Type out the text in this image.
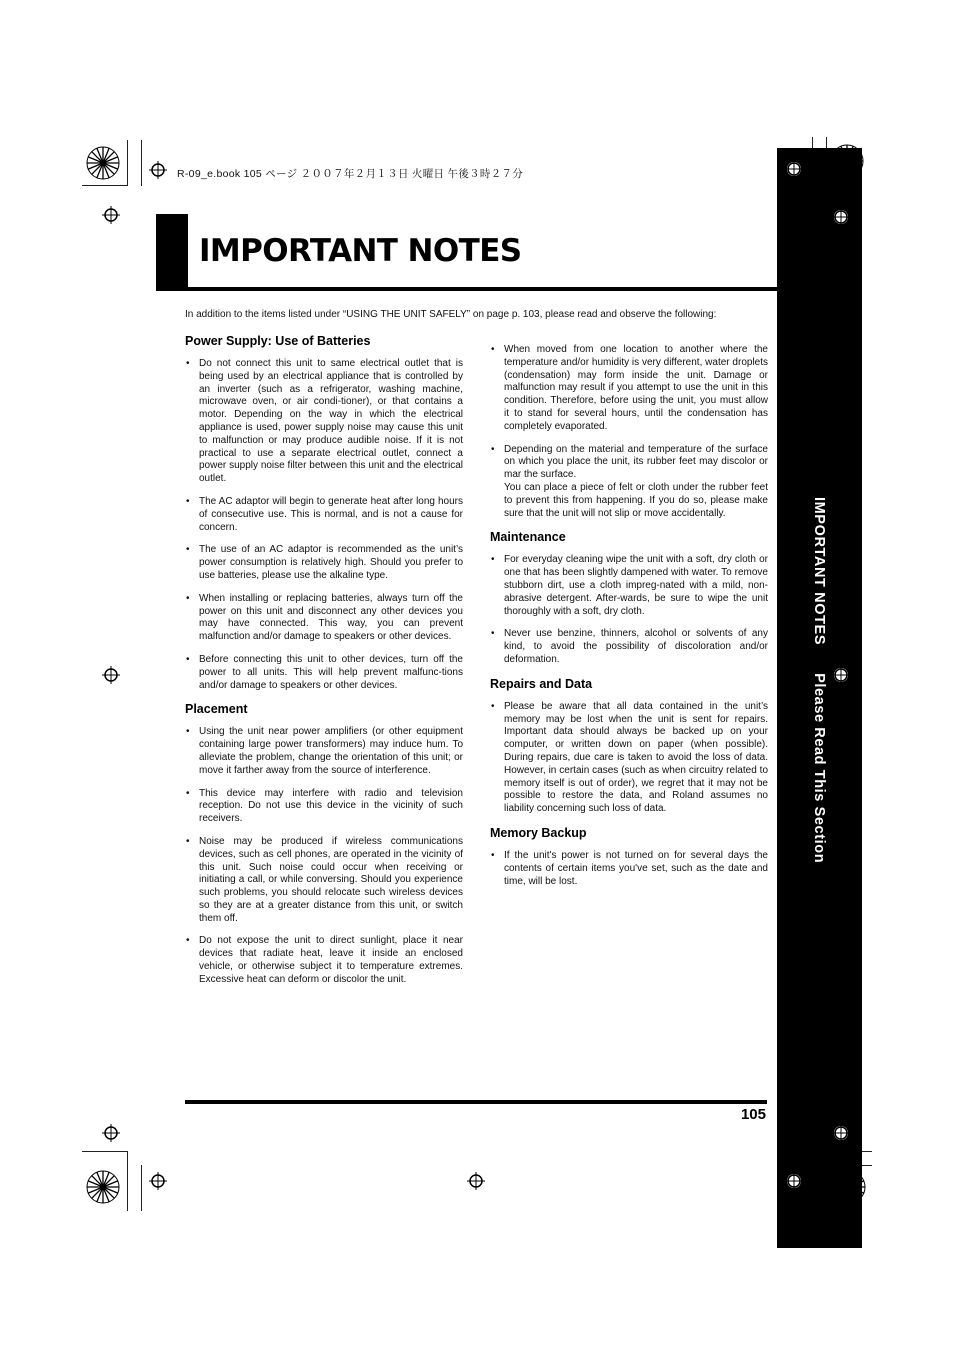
R-09_e.book 105 ページ ２００７年２月１３日 火曜日 午後３時２７分
IMPORTANT NOTES
In addition to the items listed under “USING THE UNIT SAFELY” on page p. 103, please read and observe the following:
Power Supply: Use of Batteries
• Do not connect this unit to same electrical outlet that is being used by an electrical appliance that is controlled by an inverter (such as a refrigerator, washing machine, microwave oven, or air condi-tioner), or that contains a motor. Depending on the way in which the electrical appliance is used, power supply noise may cause this unit to malfunction or may produce audible noise. If it is not practical to use a separate electrical outlet, connect a power supply noise filter between this unit and the electrical outlet.
• The AC adaptor will begin to generate heat after long hours of consecutive use. This is normal, and is not a cause for concern.
• The use of an AC adaptor is recommended as the unit’s power consumption is relatively high. Should you prefer to use batteries, please use the alkaline type.
• When installing or replacing batteries, always turn off the power on this unit and disconnect any other devices you may have connected. This way, you can prevent malfunction and/or damage to speakers or other devices.
• Before connecting this unit to other devices, turn off the power to all units. This will help prevent malfunc-tions and/or damage to speakers or other devices.
Placement
• Using the unit near power amplifiers (or other equipment containing large power transformers) may induce hum. To alleviate the problem, change the orientation of this unit; or move it farther away from the source of interference.
• This device may interfere with radio and television reception. Do not use this device in the vicinity of such receivers.
• Noise may be produced if wireless communications devices, such as cell phones, are operated in the vicinity of this unit. Such noise could occur when receiving or initiating a call, or while conversing. Should you experience such problems, you should relocate such wireless devices so they are at a greater distance from this unit, or switch them off.
• Do not expose the unit to direct sunlight, place it near devices that radiate heat, leave it inside an enclosed vehicle, or otherwise subject it to temperature extremes. Excessive heat can deform or discolor the unit.
• When moved from one location to another where the temperature and/or humidity is very different, water droplets (condensation) may form inside the unit. Damage or malfunction may result if you attempt to use the unit in this condition. Therefore, before using the unit, you must allow it to stand for several hours, until the condensation has completely evaporated.
• Depending on the material and temperature of the surface on which you place the unit, its rubber feet may discolor or mar the surface.
You can place a piece of felt or cloth under the rubber feet to prevent this from happening. If you do so, please make sure that the unit will not slip or move accidentally.
Maintenance
• For everyday cleaning wipe the unit with a soft, dry cloth or one that has been slightly dampened with water. To remove stubborn dirt, use a cloth impreg-nated with a mild, non-abrasive detergent. After-wards, be sure to wipe the unit thoroughly with a soft, dry cloth.
• Never use benzine, thinners, alcohol or solvents of any kind, to avoid the possibility of discoloration and/or deformation.
Repairs and Data
• Please be aware that all data contained in the unit’s memory may be lost when the unit is sent for repairs. Important data should always be backed up on your computer, or written down on paper (when possible). During repairs, due care is taken to avoid the loss of data. However, in certain cases (such as when circuitry related to memory itself is out of order), we regret that it may not be possible to restore the data, and Roland assumes no liability concerning such loss of data.
Memory Backup
• If the unit's power is not turned on for several days the contents of certain items you've set, such as the date and time, will be lost.
IMPORTANT NOTESPlease Read This Section
105
